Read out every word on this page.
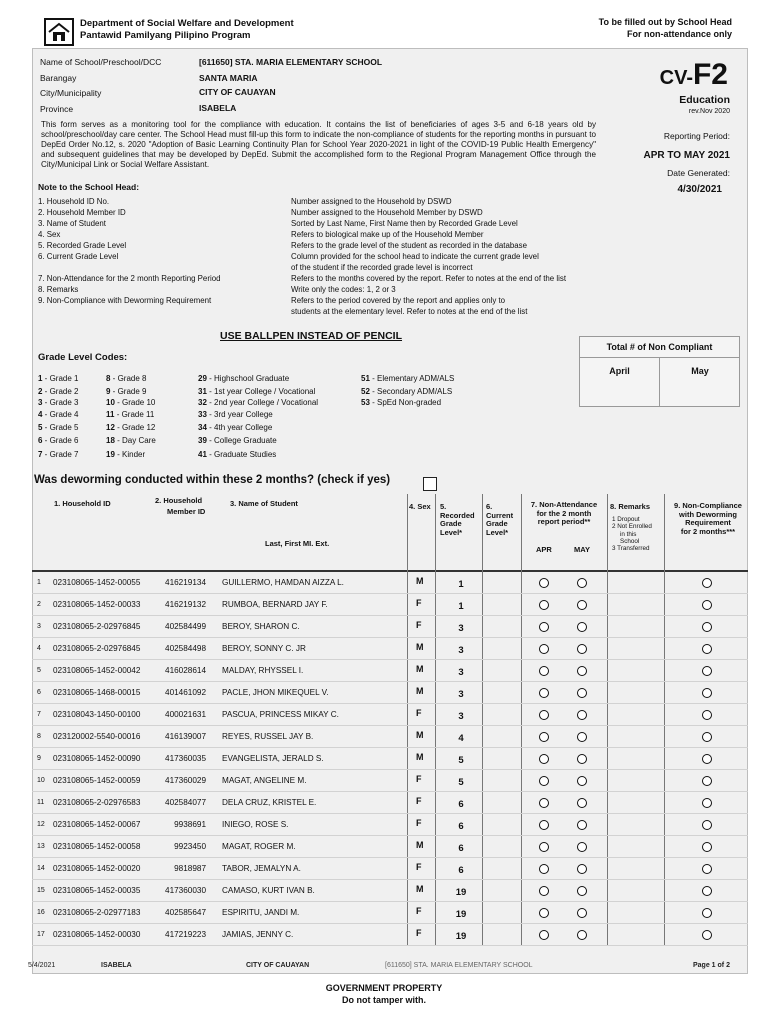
Department of Social Welfare and Development
Pantawid Pamilyang Pilipino Program
To be filled out by School Head
For non-attendance only
Name of School/Preschool/DCC	[611650] STA. MARIA ELEMENTARY SCHOOL
Barangay	SANTA MARIA
City/Municipality	CITY OF CAUAYAN
Province	ISABELA
CV-F2
Education
rev.Nov 2020
Reporting Period:
APR TO MAY 2021
Date Generated:
4/30/2021
This form serves as a monitoring tool for the compliance with education. It contains the list of beneficiaries of ages 3-5 and 6-18 years old by school/preschool/day care center. The School Head must fill-up this form to indicate the non-compliance of students for the reporting months in pursuant to DepEd Order No.12, s. 2020 "Adoption of Basic Learning Continuity Plan for School Year 2020-2021 in light of the COVID-19 Public Health Emergency" and subsequent guidelines that may be developed by DepEd. Submit the accomplished form to the Regional Program Management Office through the City/Municipal Link or Social Welfare Assistant.
Note to the School Head:
1. Household ID No.	Number assigned to the Household by DSWD
2. Household Member ID	Number assigned to the Household Member by DSWD
3. Name of Student	Sorted by Last Name, First Name then by Recorded Grade Level
4. Sex	Refers to biological make up of the Household Member
5. Recorded Grade Level	Refers to the grade level of the student as recorded in the database
6. Current Grade Level	Column provided for the school head to indicate the current grade level
of the student if the recorded grade level is incorrect
7. Non-Attendance for the 2 month Reporting Period	Refers to the months covered by the report. Refer to notes at the end of the list
8. Remarks	Write only the codes: 1, 2 or 3
9. Non-Compliance with Deworming Requirement	Refers to the period covered by the report and applies only to
students at the elementary level. Refer to notes at the end of the list
USE BALLPEN INSTEAD OF PENCIL
Total # of Non Compliant
April	May
Grade Level Codes:
1 - Grade 1
2 - Grade 2
3 - Grade 3
4 - Grade 4
5 - Grade 5
6 - Grade 6
7 - Grade 7
8 - Grade 8
9 - Grade 9
10 - Grade 10
11 - Grade 11
12 - Grade 12
18 - Day Care
19 - Kinder
29 - Highschool Graduate
31 - 1st year College / Vocational
32 - 2nd year College / Vocational
33 - 3rd year College
34 - 4th year College
39 - College Graduate
41 - Graduate Studies
51 - Elementary ADM/ALS
52 - Secondary ADM/ALS
53 - SpEd Non-graded
Was deworming conducted within these 2 months? (check if yes)
1. Household ID	2. Household
Member ID
3. Name of Student
Last, First MI. Ext.
4. Sex 5.
Recorded
Grade
Level*
6.
Current
Grade
Level*
7. Non-Attendance
for the 2 month
report period**
APR	MAY
8. Remarks
1 Dropout
2 Not Enrolled
in this
School
3 Transferred
9. Non-Compliance
with Deworming
Requirement
for 2 months***
1 023108065-1452-00055	416219134 GUILLERMO, HAMDAN AIZZA L.	M	1
2 023108065-1452-00033	416219132 RUMBOA, BERNARD JAY F.	F	1
3 023108065-2-02976845	402584499 BEROY, SHARON C.	F	3
4 023108065-2-02976845	402584498 BEROY, SONNY C. JR	M	3
5 023108065-1452-00042	416028614 MALDAY, RHYSSEL I.	M	3
6 023108065-1468-00015	401461092 PACLE, JHON MIKEQUEL V.	M	3
7 023108043-1450-00100	400021631 PASCUA, PRINCESS MIKAY C.	F	3
8 023120002-5540-00016	416139007 REYES, RUSSEL JAY B.	M	4
9 023108065-1452-00090	417360035 EVANGELISTA, JERALD S.	M	5
10 023108065-1452-00059	417360029 MAGAT, ANGELINE M.	F	5
11 023108065-2-02976583	402584077 DELA CRUZ, KRISTEL E.	F	6
12 023108065-1452-00067	9938691 INIEGO, ROSE S.	F	6
13 023108065-1452-00058	9923450 MAGAT, ROGER M.	M	6
14 023108065-1452-00020	9818987 TABOR, JEMALYN A.	F	6
15 023108065-1452-00035	417360030 CAMASO, KURT IVAN B.	M	19
16 023108065-2-02977183	402585647 ESPIRITU, JANDI M.	F	19
17 023108065-1452-00030	417219223 JAMIAS, JENNY C.	F	19
5/4/2021	ISABELA	CITY OF CAUAYAN	[611650] STA. MARIA ELEMENTARY SCHOOL	Page 1 of 2
GOVERNMENT PROPERTY
Do not tamper with.
